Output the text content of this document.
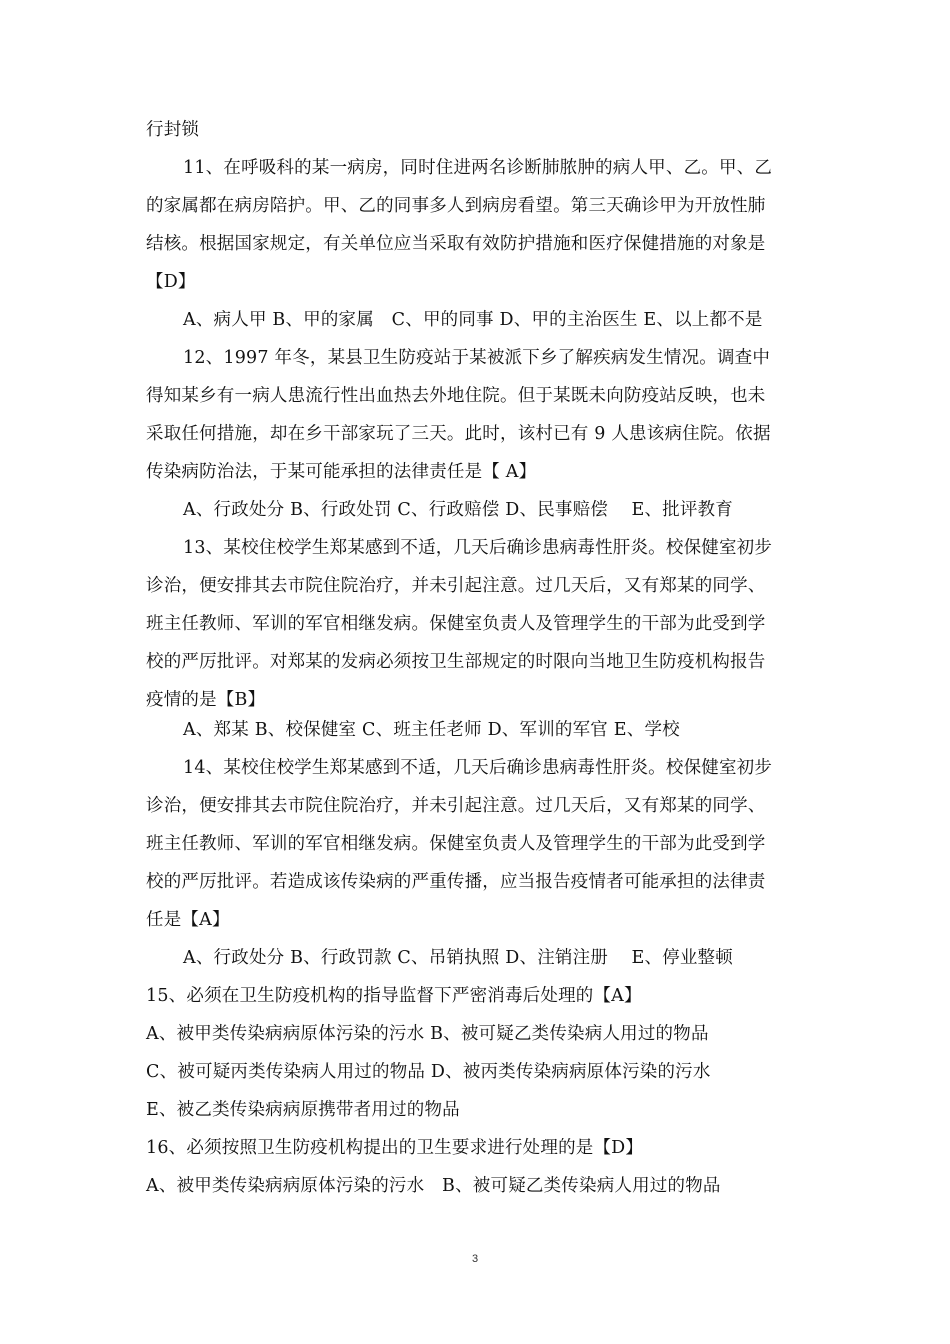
行封锁
11、在呼吸科的某一病房，同时住进两名诊断肺脓肿的病人甲、乙。甲、乙
的家属都在病房陪护。甲、乙的同事多人到病房看望。第三天确诊甲为开放性肺
结核。根据国家规定，有关单位应当采取有效防护措施和医疗保健措施的对象是
【D】
A、病人甲 B、甲的家属　C、甲的同事 D、甲的主治医生 E、以上都不是
12、1997 年冬，某县卫生防疫站于某被派下乡了解疾病发生情况。调查中
得知某乡有一病人患流行性出血热去外地住院。但于某既未向防疫站反映，也未
采取任何措施，却在乡干部家玩了三天。此时，该村已有 9 人患该病住院。依据
传染病防治法，于某可能承担的法律责任是【 A】
A、行政处分 B、行政处罚 C、行政赔偿 D、民事赔偿　 E、批评教育
13、某校住校学生郑某感到不适，几天后确诊患病毒性肝炎。校保健室初步
诊治，便安排其去市院住院治疗，并未引起注意。过几天后，又有郑某的同学、
班主任教师、军训的军官相继发病。保健室负责人及管理学生的干部为此受到学
校的严厉批评。对郑某的发病必须按卫生部规定的时限向当地卫生防疫机构报告
疫情的是【B】
A、郑某 B、校保健室 C、班主任老师 D、军训的军官 E、学校
14、某校住校学生郑某感到不适，几天后确诊患病毒性肝炎。校保健室初步
诊治，便安排其去市院住院治疗，并未引起注意。过几天后，又有郑某的同学、
班主任教师、军训的军官相继发病。保健室负责人及管理学生的干部为此受到学
校的严厉批评。若造成该传染病的严重传播，应当报告疫情者可能承担的法律责
任是【A】
A、行政处分 B、行政罚款 C、吊销执照 D、注销注册　 E、停业整顿
15、必须在卫生防疫机构的指导监督下严密消毒后处理的【A】
A、被甲类传染病病原体污染的污水 B、被可疑乙类传染病人用过的物品
C、被可疑丙类传染病人用过的物品 D、被丙类传染病病原体污染的污水
E、被乙类传染病病原携带者用过的物品
16、必须按照卫生防疫机构提出的卫生要求进行处理的是【D】
A、被甲类传染病病原体污染的污水　B、被可疑乙类传染病人用过的物品
3
